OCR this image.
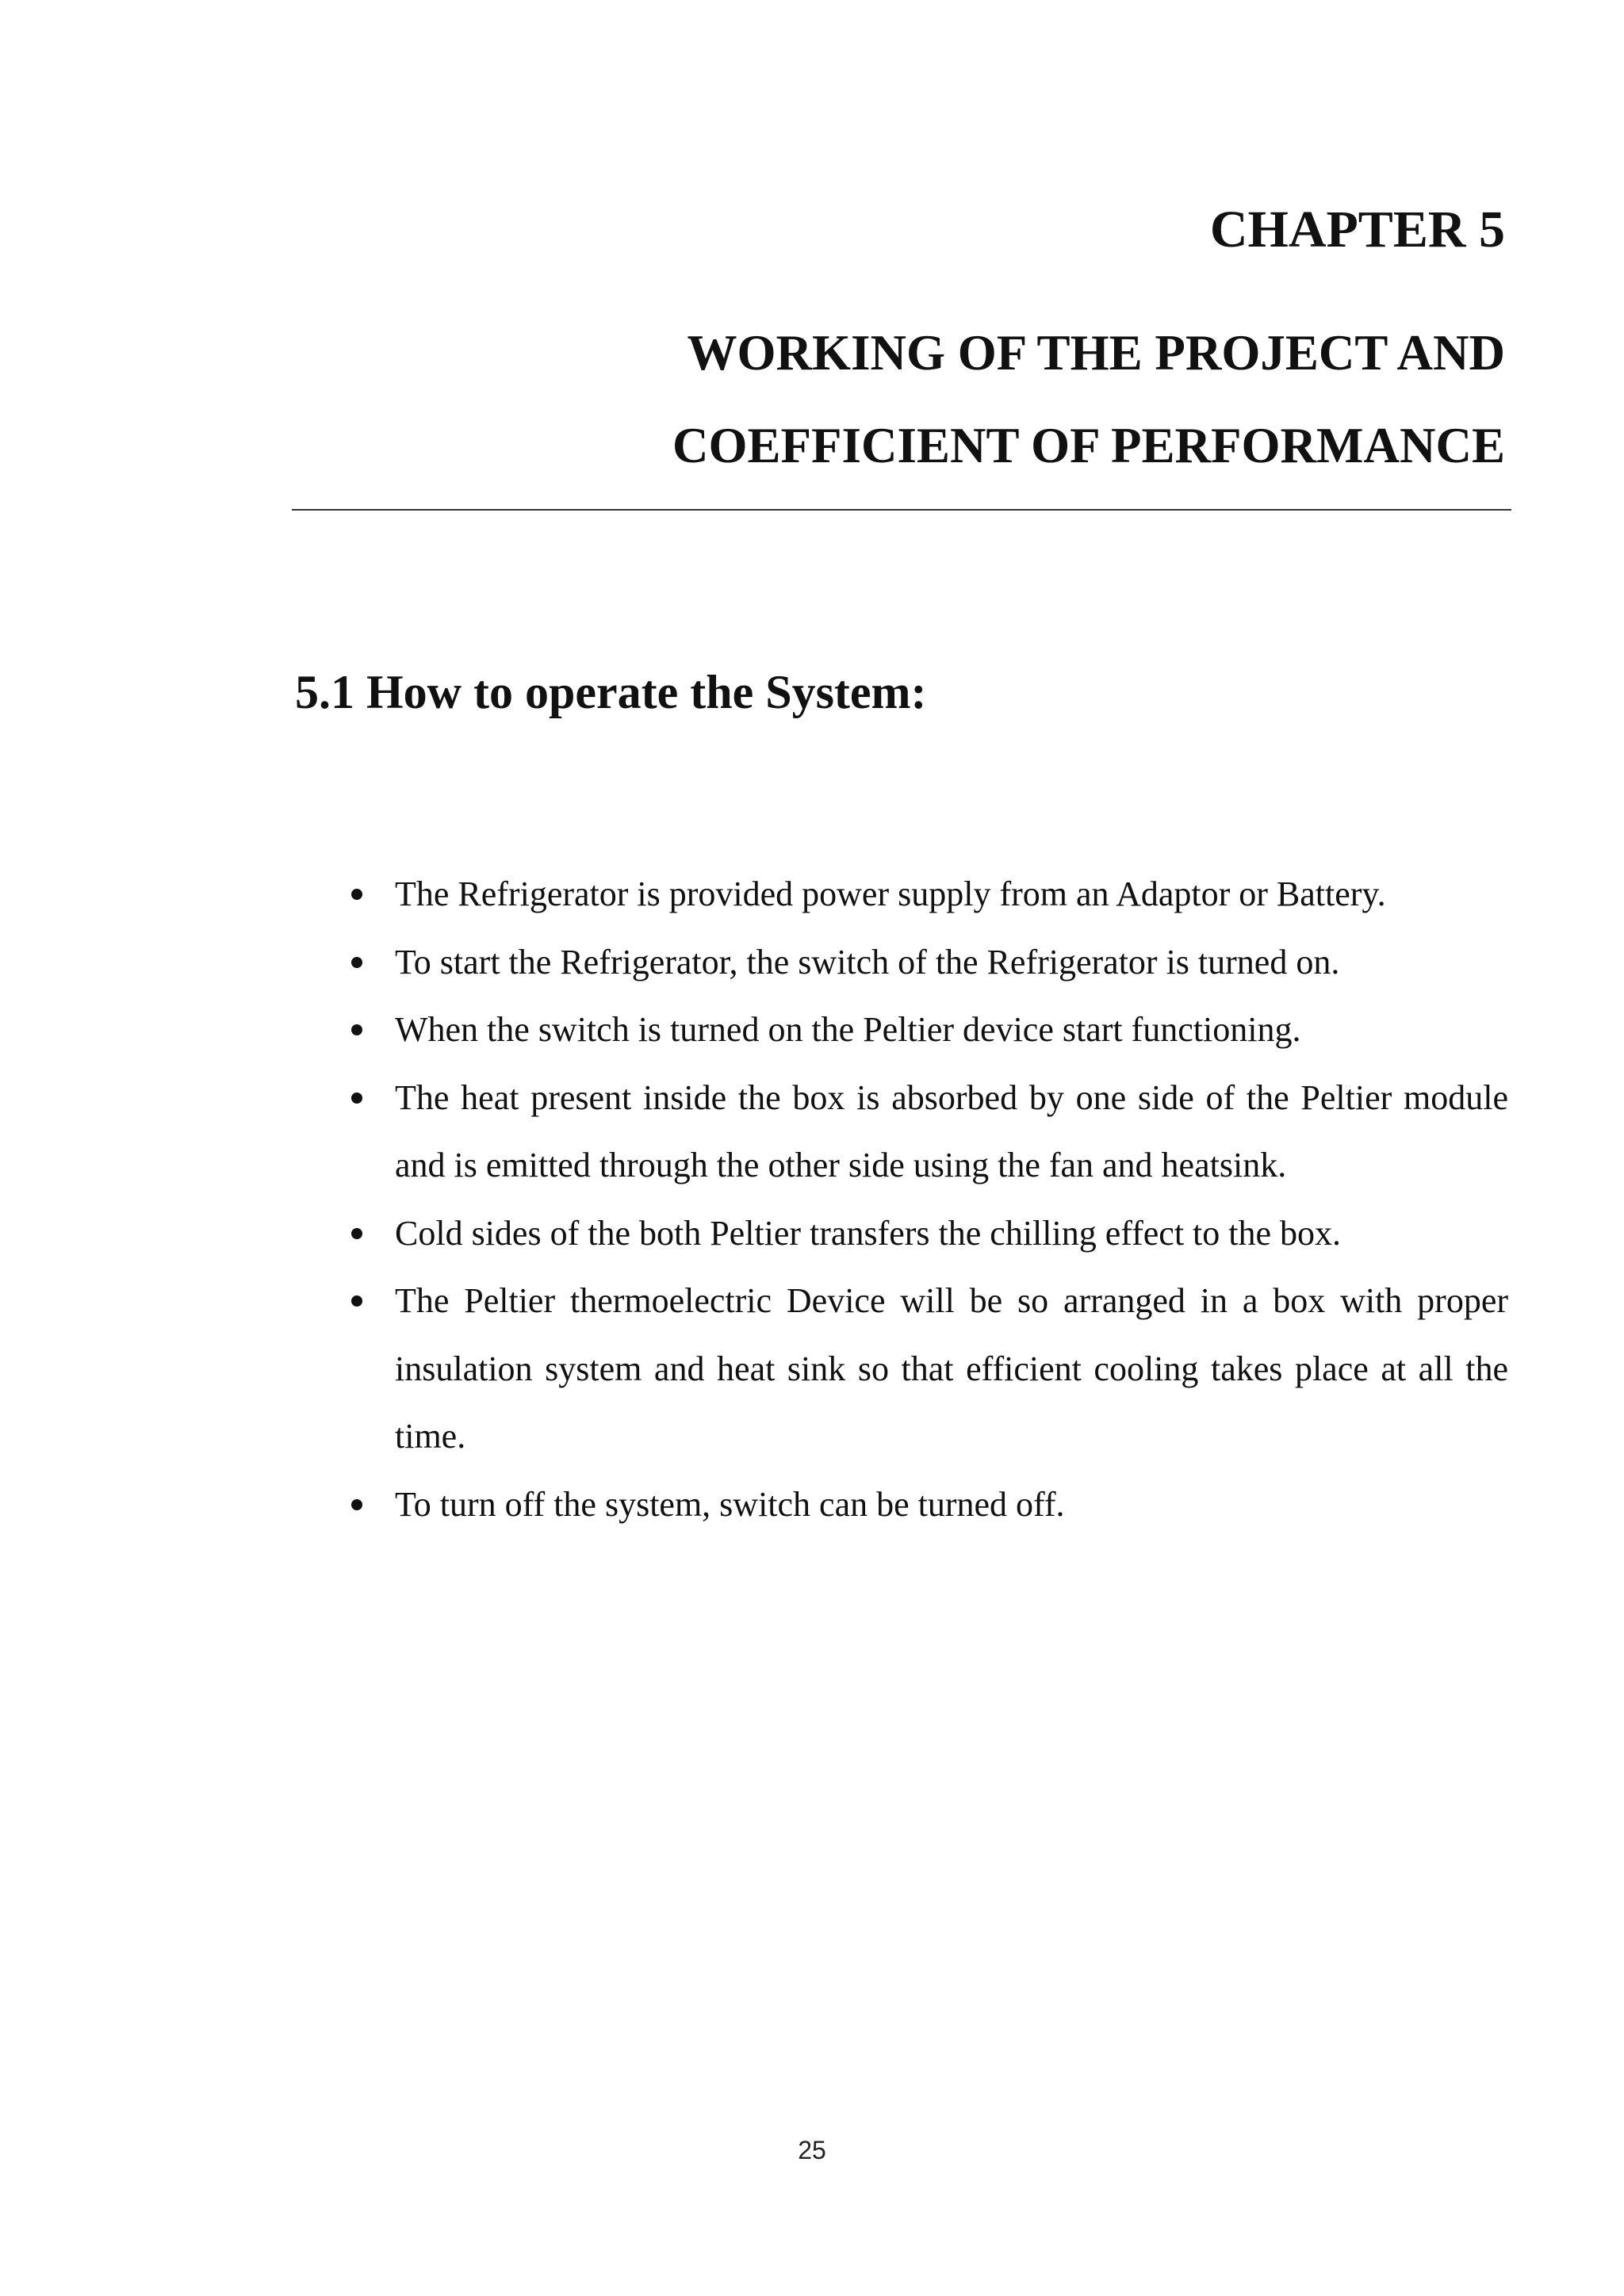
CHAPTER 5
WORKING OF THE PROJECT AND
COEFFICIENT OF PERFORMANCE
5.1 How to operate the System:
The Refrigerator is provided power supply from an Adaptor or Battery.
To start the Refrigerator, the switch of the Refrigerator is turned on.
When the switch is turned on the Peltier device start functioning.
The heat present inside the box is absorbed by one side of the Peltier module and is emitted through the other side using the fan and heatsink.
Cold sides of the both Peltier transfers the chilling effect to the box.
The Peltier thermoelectric Device will be so arranged in a box with proper insulation system and heat sink so that efficient cooling takes place at all the time.
To turn off the system, switch can be turned off.
25
